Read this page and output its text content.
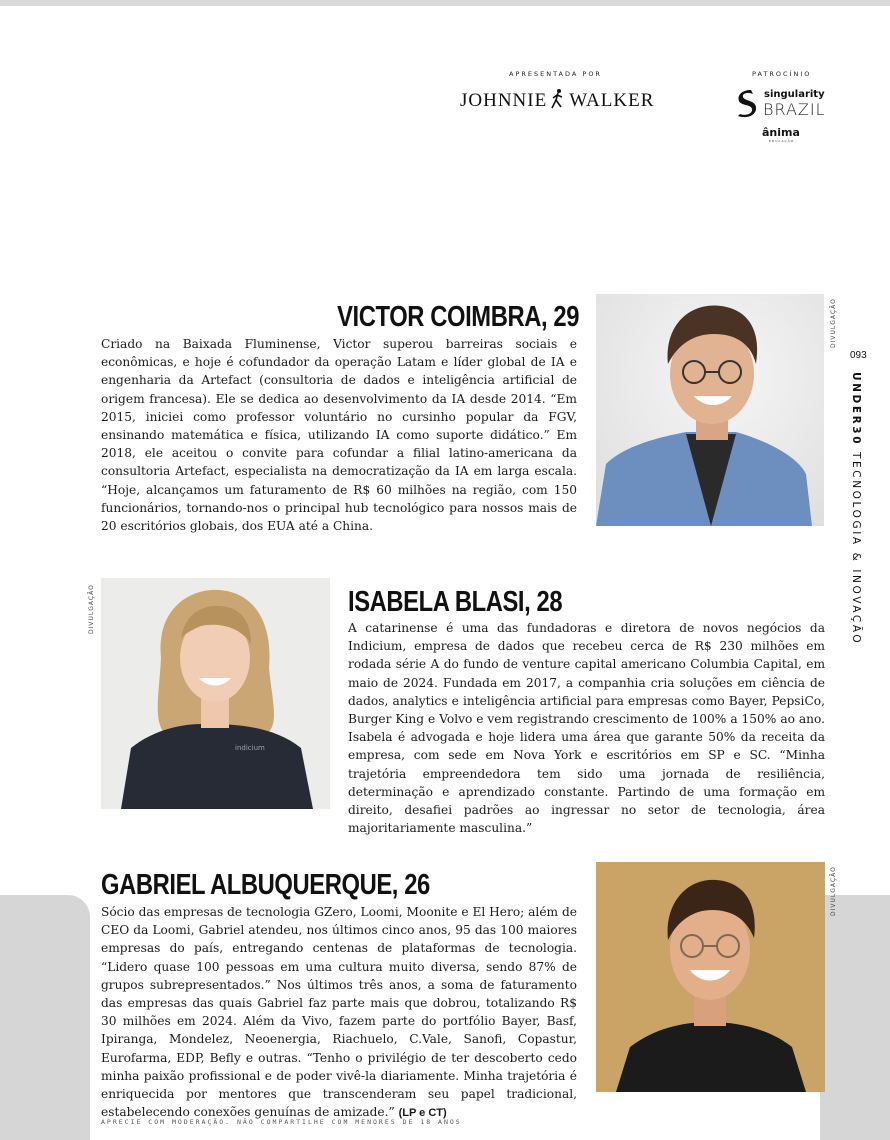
APRESENTADA POR
JOHNNIE WALKER
PATROCÍNIO
singularity
BRAZIL
ânima
EDUCAÇÃO
093
UNDER30 TECNOLOGIA & INOVAÇÃO
VICTOR COIMBRA, 29
Criado na Baixada Fluminense, Victor superou barreiras sociais e econômicas, e hoje é cofundador da operação Latam e líder global de IA e engenharia da Artefact (consultoria de dados e inteligência artificial de origem francesa). Ele se dedica ao desenvolvimento da IA desde 2014. “Em 2015, iniciei como professor voluntário no cursinho popular da FGV, ensinando matemática e física, utilizando IA como suporte didático.” Em 2018, ele aceitou o convite para cofundar a filial latino-americana da consultoria Artefact, especialista na democratização da IA em larga escala. “Hoje, alcançamos um faturamento de R$ 60 milhões na região, com 150 funcionários, tornando-nos o principal hub tecnológico para nossos mais de 20 escritórios globais, dos EUA até a China.
DIVULGAÇÃO
DIVULGAÇÃO
indicium
ISABELA BLASI, 28
A catarinense é uma das fundadoras e diretora de novos negócios da Indicium, empresa de dados que recebeu cerca de R$ 230 milhões em rodada série A do fundo de venture capital americano Columbia Capital, em maio de 2024. Fundada em 2017, a companhia cria soluções em ciência de dados, analytics e inteligência artificial para empresas como Bayer, PepsiCo, Burger King e Volvo e vem registrando crescimento de 100% a 150% ao ano. Isabela é advogada e hoje lidera uma área que garante 50% da receita da empresa, com sede em Nova York e escritórios em SP e SC. “Minha trajetória empreendedora tem sido uma jornada de resiliência, determinação e aprendizado constante. Partindo de uma formação em direito, desafiei padrões ao ingressar no setor de tecnologia, área majoritariamente masculina.”
GABRIEL ALBUQUERQUE, 26
Sócio das empresas de tecnologia GZero, Loomi, Moonite e El Hero; além de CEO da Loomi, Gabriel atendeu, nos últimos cinco anos, 95 das 100 maiores empresas do país, entregando centenas de plataformas de tecnologia. “Lidero quase 100 pessoas em uma cultura muito diversa, sendo 87% de grupos subrepresentados.” Nos últimos três anos, a soma de faturamento das empresas das quais Gabriel faz parte mais que dobrou, totalizando R$ 30 milhões em 2024. Além da Vivo, fazem parte do portfólio Bayer, Basf, Ipiranga, Mondelez, Neoenergia, Riachuelo, C.Vale, Sanofi, Copastur, Eurofarma, EDP, Befly e outras. “Tenho o privilégio de ter descoberto cedo minha paixão profissional e de poder vivê-la diariamente. Minha trajetória é enriquecida por mentores que transcenderam seu papel tradicional, estabelecendo conexões genuínas de amizade.” (LP e CT)
DIVULGAÇÃO
APRECIE COM MODERAÇÃO. NÃO COMPARTILHE COM MENORES DE 18 ANOS
